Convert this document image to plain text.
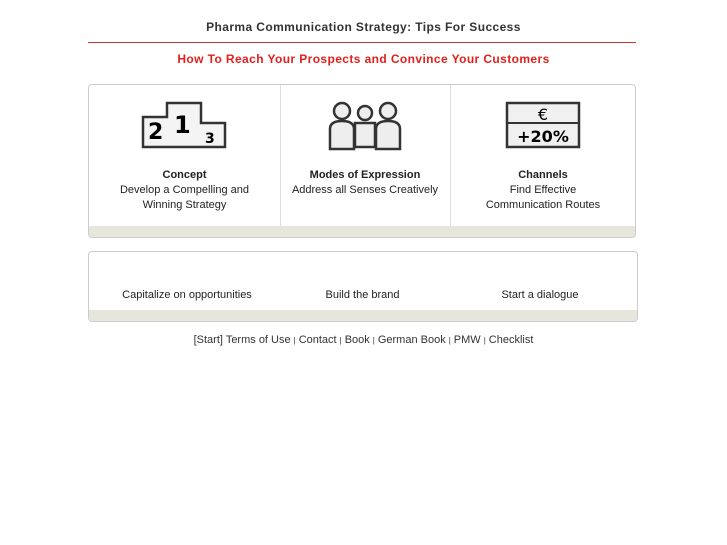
Pharma Communication Strategy: Tips For Success
How To Reach Your Prospects and Convince Your Customers
2 1 3
Concept
Develop a Compelling and
Winning Strategy
Modes of Expression
Address all Senses Creatively
€
+20%
Channels
Find Effective
Communication Routes
Capitalize on opportunities	Build the brand	Start a dialogue
[Start] Terms of Use | Contact | Book | German Book | PMW | Checklist
